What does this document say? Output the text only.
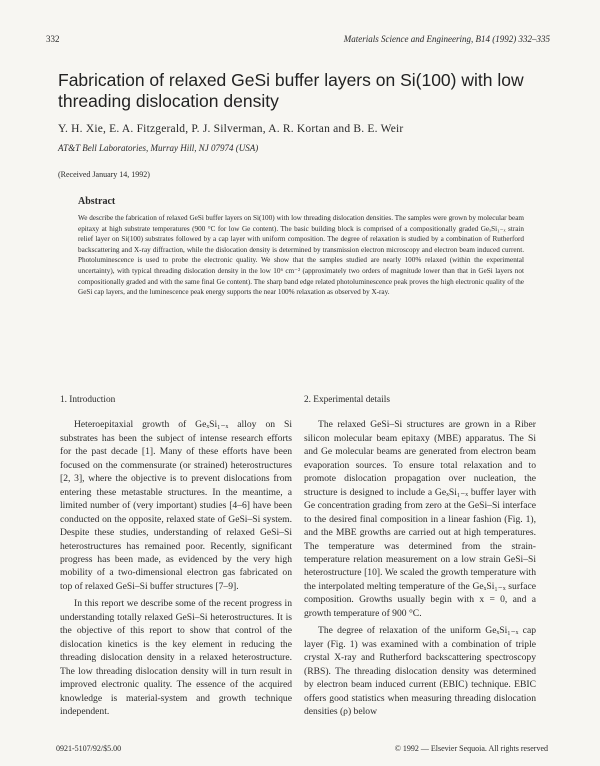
332	Materials Science and Engineering, B14 (1992) 332–335
Fabrication of relaxed GeSi buffer layers on Si(100) with low threading dislocation density
Y. H. Xie, E. A. Fitzgerald, P. J. Silverman, A. R. Kortan and B. E. Weir
AT&T Bell Laboratories, Murray Hill, NJ 07974 (USA)
(Received January 14, 1992)
Abstract
We describe the fabrication of relaxed GeSi buffer layers on Si(100) with low threading dislocation densities. The samples were grown by molecular beam epitaxy at high substrate temperatures (900 °C for low Ge content). The basic building block is comprised of a compositionally graded GeₓSi₁₋ₓ strain relief layer on Si(100) substrates followed by a cap layer with uniform composition. The degree of relaxation is studied by a combination of Rutherford backscattering and X-ray diffraction, while the dislocation density is determined by transmission electron microscopy and electron beam induced current. Photoluminescence is used to probe the electronic quality. We show that the samples studied are nearly 100% relaxed (within the experimental uncertainty), with typical threading dislocation density in the low 10⁶ cm⁻² (approximately two orders of magnitude lower than that in GeSi layers not compositionally graded and with the same final Ge content). The sharp band edge related photoluminescence peak proves the high electronic quality of the GeSi cap layers, and the luminescence peak energy supports the near 100% relaxation as observed by X-ray.
1. Introduction

Heteroepitaxial growth of GeₓSi₁₋ₓ alloy on Si substrates has been the subject of intense research efforts for the past decade [1]. Many of these efforts have been focused on the commensurate (or strained) heterostructures [2, 3], where the objective is to prevent dislocations from entering these metastable structures. In the meantime, a limited number of (very important) studies [4–6] have been conducted on the opposite, relaxed state of GeSi–Si system. Despite these studies, understanding of relaxed GeSi–Si heterostructures has remained poor. Recently, significant progress has been made, as evidenced by the very high mobility of a two-dimensional electron gas fabricated on top of relaxed GeSi–Si buffer structures [7–9].

In this report we describe some of the recent progress in understanding totally relaxed GeSi–Si heterostructures. It is the objective of this report to show that control of the dislocation kinetics is the key element in reducing the threading dislocation density in a relaxed heterostructure. The low threading dislocation density will in turn result in improved electronic quality. The essence of the acquired knowledge is material-system and growth technique independent.

2. Experimental details

The relaxed GeSi–Si structures are grown in a Riber silicon molecular beam epitaxy (MBE) apparatus. The Si and Ge molecular beams are generated from electron beam evaporation sources. To ensure total relaxation and to promote dislocation propagation over nucleation, the structure is designed to include a GeₓSi₁₋ₓ buffer layer with Ge concentration grading from zero at the GeSi–Si interface to the desired final composition in a linear fashion (Fig. 1), and the MBE growths are carried out at high temperatures. The temperature was determined from the strain-temperature relation measurement on a low strain GeSi–Si heterostructure [10]. We scaled the growth temperature with the interpolated melting temperature of the GeₓSi₁₋ₓ surface composition. Growths usually begin with x = 0, and a growth temperature of 900 °C.

The degree of relaxation of the uniform GeₓSi₁₋ₓ cap layer (Fig. 1) was examined with a combination of triple crystal X-ray and Rutherford backscattering spectroscopy (RBS). The threading dislocation density was determined by electron beam induced current (EBIC) technique. EBIC offers good statistics when measuring threading dislocation densities (ρ) below

0921-5107/92/$5.00	© 1992 — Elsevier Sequoia. All rights reserved
